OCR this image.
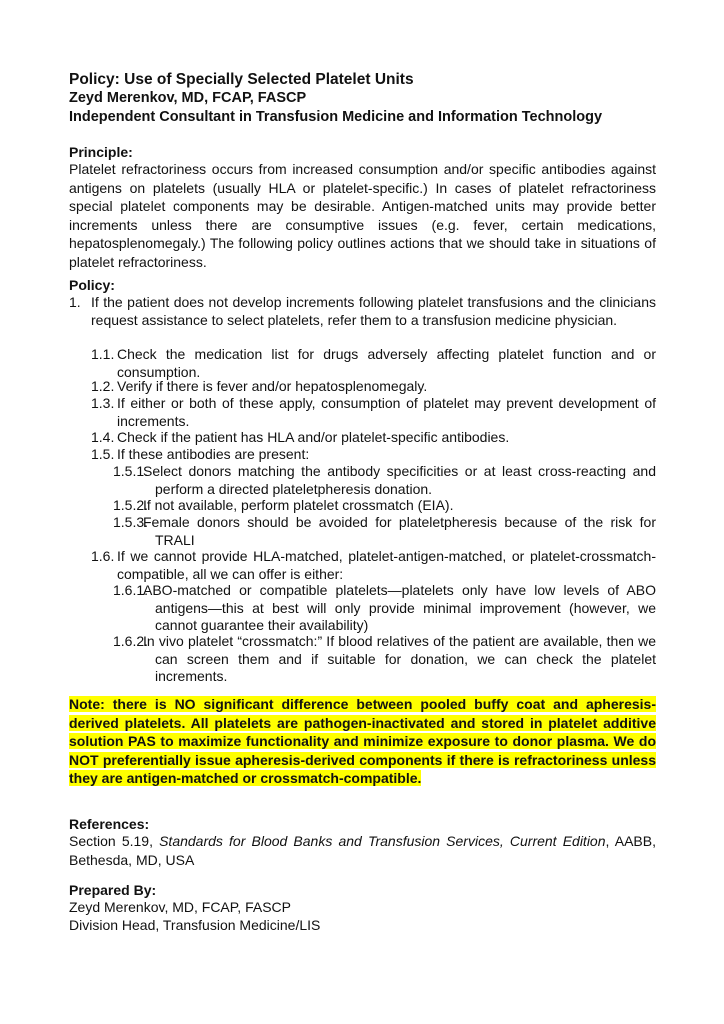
Policy: Use of Specially Selected Platelet Units
Zeyd Merenkov, MD, FCAP, FASCP
Independent Consultant in Transfusion Medicine and Information Technology
Principle:
Platelet refractoriness occurs from increased consumption and/or specific antibodies against antigens on platelets (usually HLA or platelet-specific.) In cases of platelet refractoriness special platelet components may be desirable. Antigen-matched units may provide better increments unless there are consumptive issues (e.g. fever, certain medications, hepatosplenomegaly.) The following policy outlines actions that we should take in situations of platelet refractoriness.
Policy:
1. If the patient does not develop increments following platelet transfusions and the clinicians request assistance to select platelets, refer them to a transfusion medicine physician.
1.1. Check the medication list for drugs adversely affecting platelet function and or consumption.
1.2. Verify if there is fever and/or hepatosplenomegaly.
1.3. If either or both of these apply, consumption of platelet may prevent development of increments.
1.4. Check if the patient has HLA and/or platelet-specific antibodies.
1.5. If these antibodies are present:
1.5.1.
Select donors matching the antibody specificities or at least cross-reacting and perform a directed plateletpheresis donation.
1.5.2.
If not available, perform platelet crossmatch (EIA).
1.5.3.
Female donors should be avoided for plateletpheresis because of the risk for TRALI
1.6. If we cannot provide HLA-matched, platelet-antigen-matched, or platelet-crossmatch-compatible, all we can offer is either:
1.6.1.
ABO-matched or compatible platelets—platelets only have low levels of ABO antigens—this at best will only provide minimal improvement (however, we cannot guarantee their availability)
1.6.2.
In vivo platelet “crossmatch:” If blood relatives of the patient are available, then we can screen them and if suitable for donation, we can check the platelet increments.
Note: there is NO significant difference between pooled buffy coat and apheresis-derived platelets. All platelets are pathogen-inactivated and stored in platelet additive solution PAS to maximize functionality and minimize exposure to donor plasma. We do NOT preferentially issue apheresis-derived components if there is refractoriness unless they are antigen-matched or crossmatch-compatible.
References:
Section 5.19, Standards for Blood Banks and Transfusion Services, Current Edition, AABB, Bethesda, MD, USA
Prepared By:
Zeyd Merenkov, MD, FCAP, FASCP
Division Head, Transfusion Medicine/LIS
